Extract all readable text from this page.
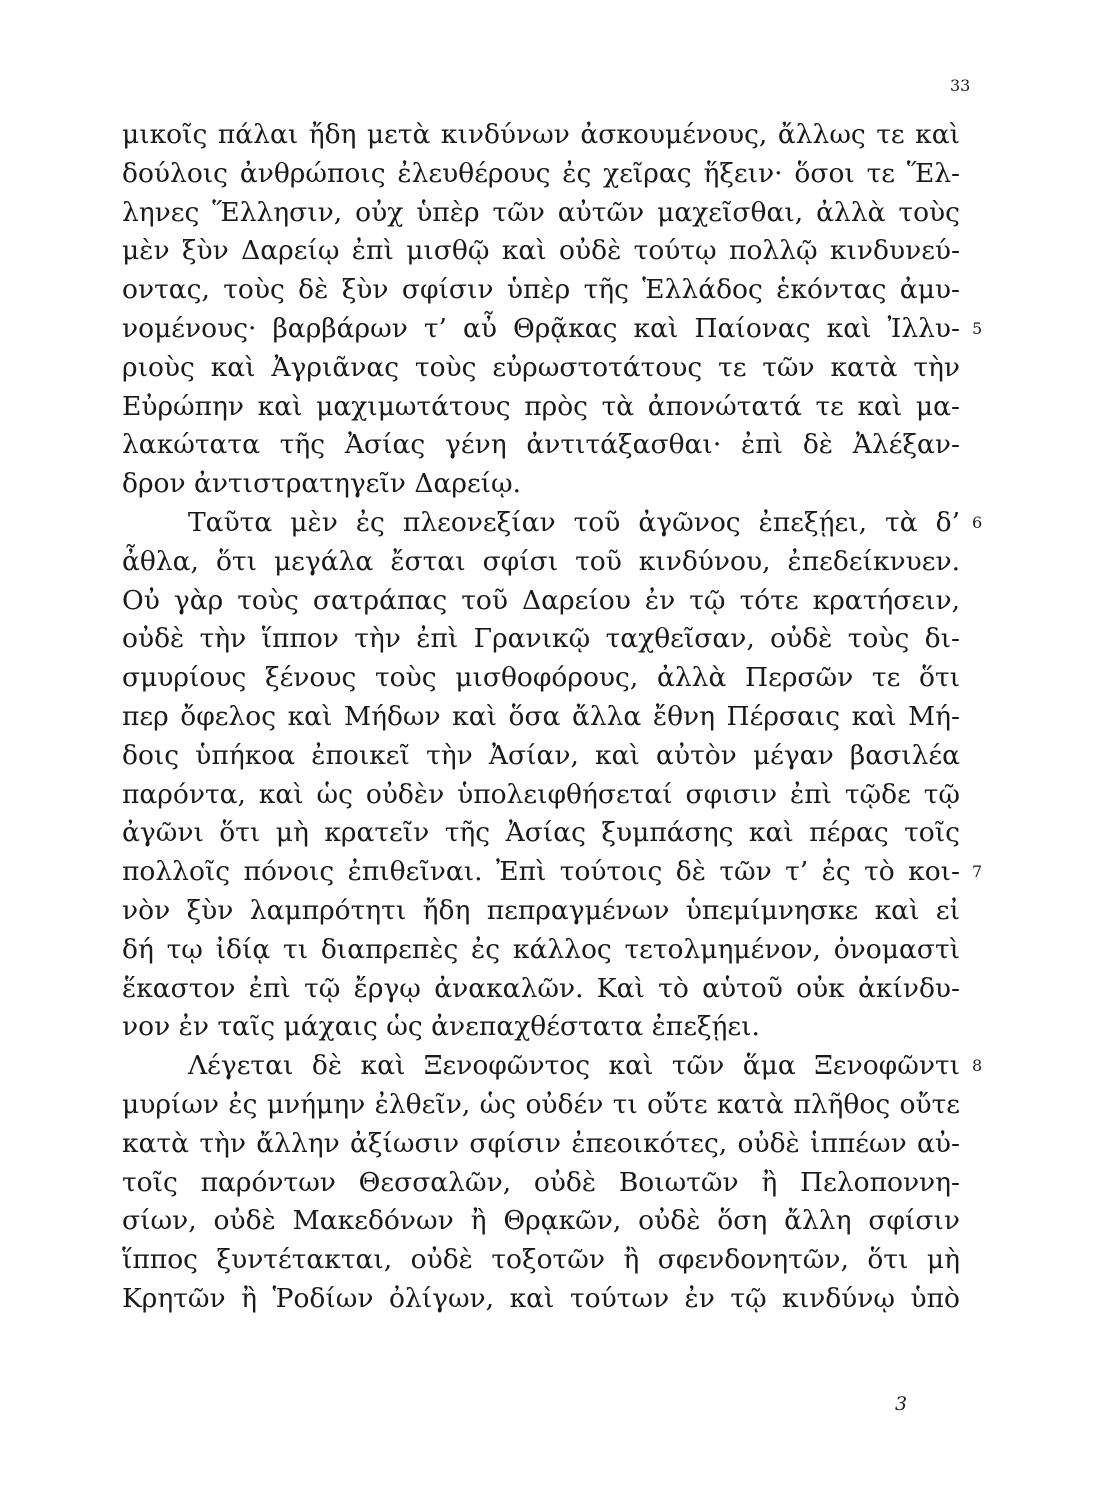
33
μικοῖς πάλαι ἤδη μετὰ κινδύνων ἀσκουμένους, ἄλλως τε καὶ
δούλοις ἀνθρώποις ἐλευθέρους ἐς χεῖρας ἥξειν· ὅσοι τε Ἕλ-
ληνες Ἕλλησιν, οὐχ ὑπὲρ τῶν αὐτῶν μαχεῖσθαι, ἀλλὰ τοὺς
μὲν ξὺν Δαρείῳ ἐπὶ μισθῷ καὶ οὐδὲ τούτῳ πολλῷ κινδυνεύ-
οντας, τοὺς δὲ ξὺν σφίσιν ὑπὲρ τῆς Ἑλλάδος ἑκόντας ἀμυ-
νομένους· βαρβάρων τ’ αὖ Θρᾷκας καὶ Παίονας καὶ Ἰλλυ- 5
ριοὺς καὶ Ἀγριᾶνας τοὺς εὐρωστοτάτους τε τῶν κατὰ τὴν
Εὐρώπην καὶ μαχιμωτάτους πρὸς τὰ ἀπονώτατά τε καὶ μα-
λακώτατα τῆς Ἀσίας γένη ἀντιτάξασθαι· ἐπὶ δὲ Ἀλέξαν-
δρον ἀντιστρατηγεῖν Δαρείῳ.
Ταῦτα μὲν ἐς πλεονεξίαν τοῦ ἀγῶνος ἐπεξῄει, τὰ δ’ 6
ἆθλα, ὅτι μεγάλα ἔσται σφίσι τοῦ κινδύνου, ἐπεδείκνυεν.
Οὐ γὰρ τοὺς σατράπας τοῦ Δαρείου ἐν τῷ τότε κρατήσειν,
οὐδὲ τὴν ἵππον τὴν ἐπὶ Γρανικῷ ταχθεῖσαν, οὐδὲ τοὺς δι-
σμυρίους ξένους τοὺς μισθοφόρους, ἀλλὰ Περσῶν τε ὅτι
περ ὄφελος καὶ Μήδων καὶ ὅσα ἄλλα ἔθνη Πέρσαις καὶ Μή-
δοις ὑπήκοα ἐποικεῖ τὴν Ἀσίαν, καὶ αὐτὸν μέγαν βασιλέα
παρόντα, καὶ ὡς οὐδὲν ὑπολειφθήσεταί σφισιν ἐπὶ τῷδε τῷ
ἀγῶνι ὅτι μὴ κρατεῖν τῆς Ἀσίας ξυμπάσης καὶ πέρας τοῖς
πολλοῖς πόνοις ἐπιθεῖναι. Ἐπὶ τούτοις δὲ τῶν τ’ ἐς τὸ κοι- 7
νὸν ξὺν λαμπρότητι ἤδη πεπραγμένων ὑπεμίμνησκε καὶ εἰ
δή τῳ ἰδίᾳ τι διαπρεπὲς ἐς κάλλος τετολμημένον, ὀνομαστὶ
ἕκαστον ἐπὶ τῷ ἔργῳ ἀνακαλῶν. Καὶ τὸ αὑτοῦ οὐκ ἀκίνδυ-
νον ἐν ταῖς μάχαις ὡς ἀνεπαχθέστατα ἐπεξῄει.
Λέγεται δὲ καὶ Ξενοφῶντος καὶ τῶν ἅμα Ξενοφῶντι 8
μυρίων ἐς μνήμην ἐλθεῖν, ὡς οὐδέν τι οὔτε κατὰ πλῆθος οὔτε
κατὰ τὴν ἄλλην ἀξίωσιν σφίσιν ἐπεοικότες, οὐδὲ ἱππέων αὐ-
τοῖς παρόντων Θεσσαλῶν, οὐδὲ Βοιωτῶν ἢ Πελοποννη-
σίων, οὐδὲ Μακεδόνων ἢ Θρᾳκῶν, οὐδὲ ὅση ἄλλη σφίσιν
ἵππος ξυντέτακται, οὐδὲ τοξοτῶν ἢ σφενδονητῶν, ὅτι μὴ
Κρητῶν ἢ Ῥοδίων ὀλίγων, καὶ τούτων ἐν τῷ κινδύνῳ ὑπὸ
3
